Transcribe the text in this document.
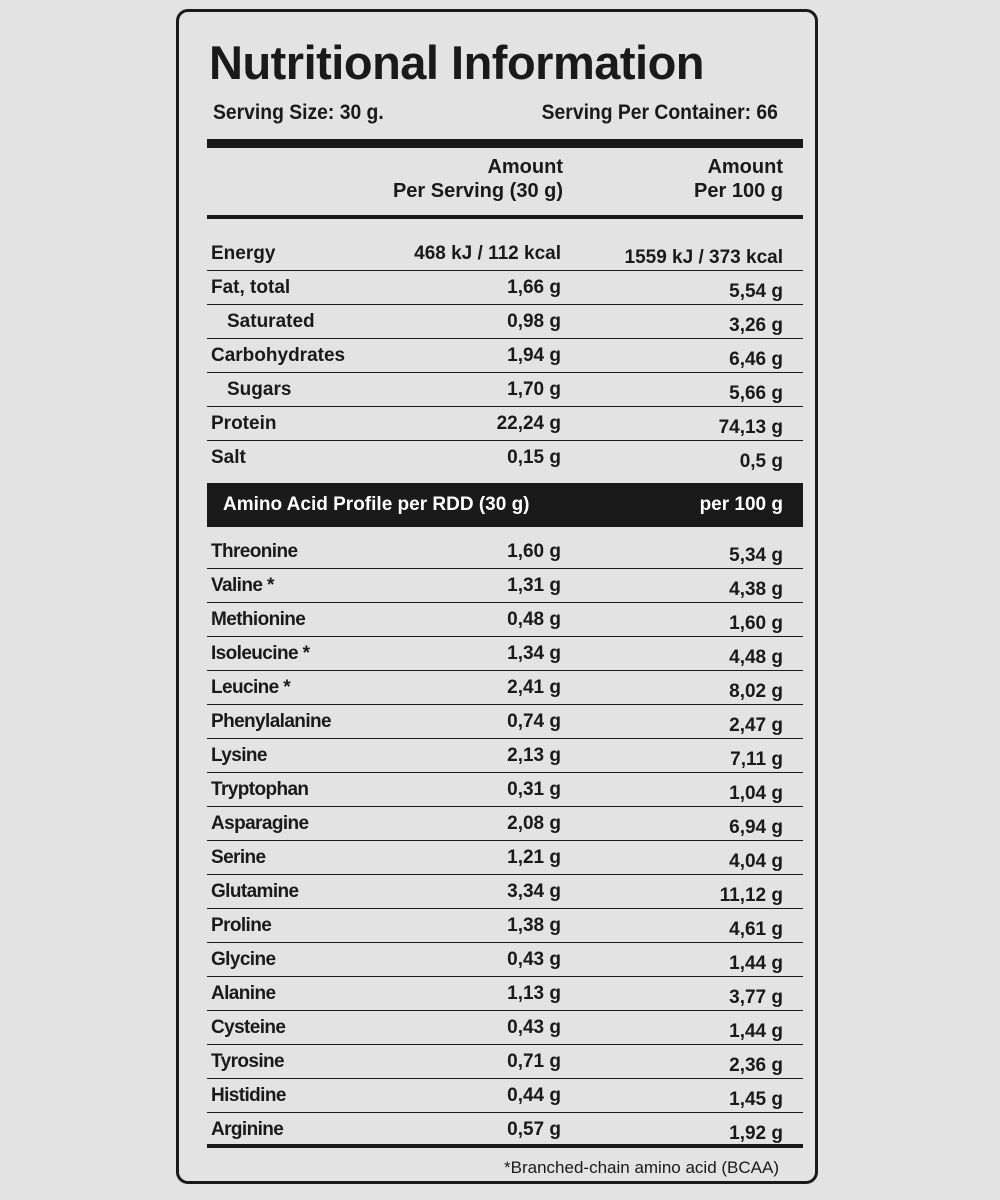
Nutritional Information
Serving Size: 30 g.	Serving Per Container: 66
Amount
Per Serving (30 g)
Amount
Per 100 g
Energy	468 kJ / 112 kcal	1559 kJ / 373 kcal
Fat, total	1,66 g	5,54 g
Saturated	0,98 g	3,26 g
Carbohydrates	1,94 g	6,46 g
Sugars	1,70 g	5,66 g
Protein	22,24 g	74,13 g
Salt	0,15 g	0,5 g
Amino Acid Profile per RDD (30 g)	per 100 g
Threonine	1,60 g	5,34 g
Valine *	1,31 g	4,38 g
Methionine	0,48 g	1,60 g
Isoleucine *	1,34 g	4,48 g
Leucine *	2,41 g	8,02 g
Phenylalanine	0,74 g	2,47 g
Lysine	2,13 g	7,11 g
Tryptophan	0,31 g	1,04 g
Asparagine	2,08 g	6,94 g
Serine	1,21 g	4,04 g
Glutamine	3,34 g	11,12 g
Proline	1,38 g	4,61 g
Glycine	0,43 g	1,44 g
Alanine	1,13 g	3,77 g
Cysteine	0,43 g	1,44 g
Tyrosine	0,71 g	2,36 g
Histidine	0,44 g	1,45 g
Arginine	0,57 g	1,92 g
*Branched-chain amino acid (BCAA)
